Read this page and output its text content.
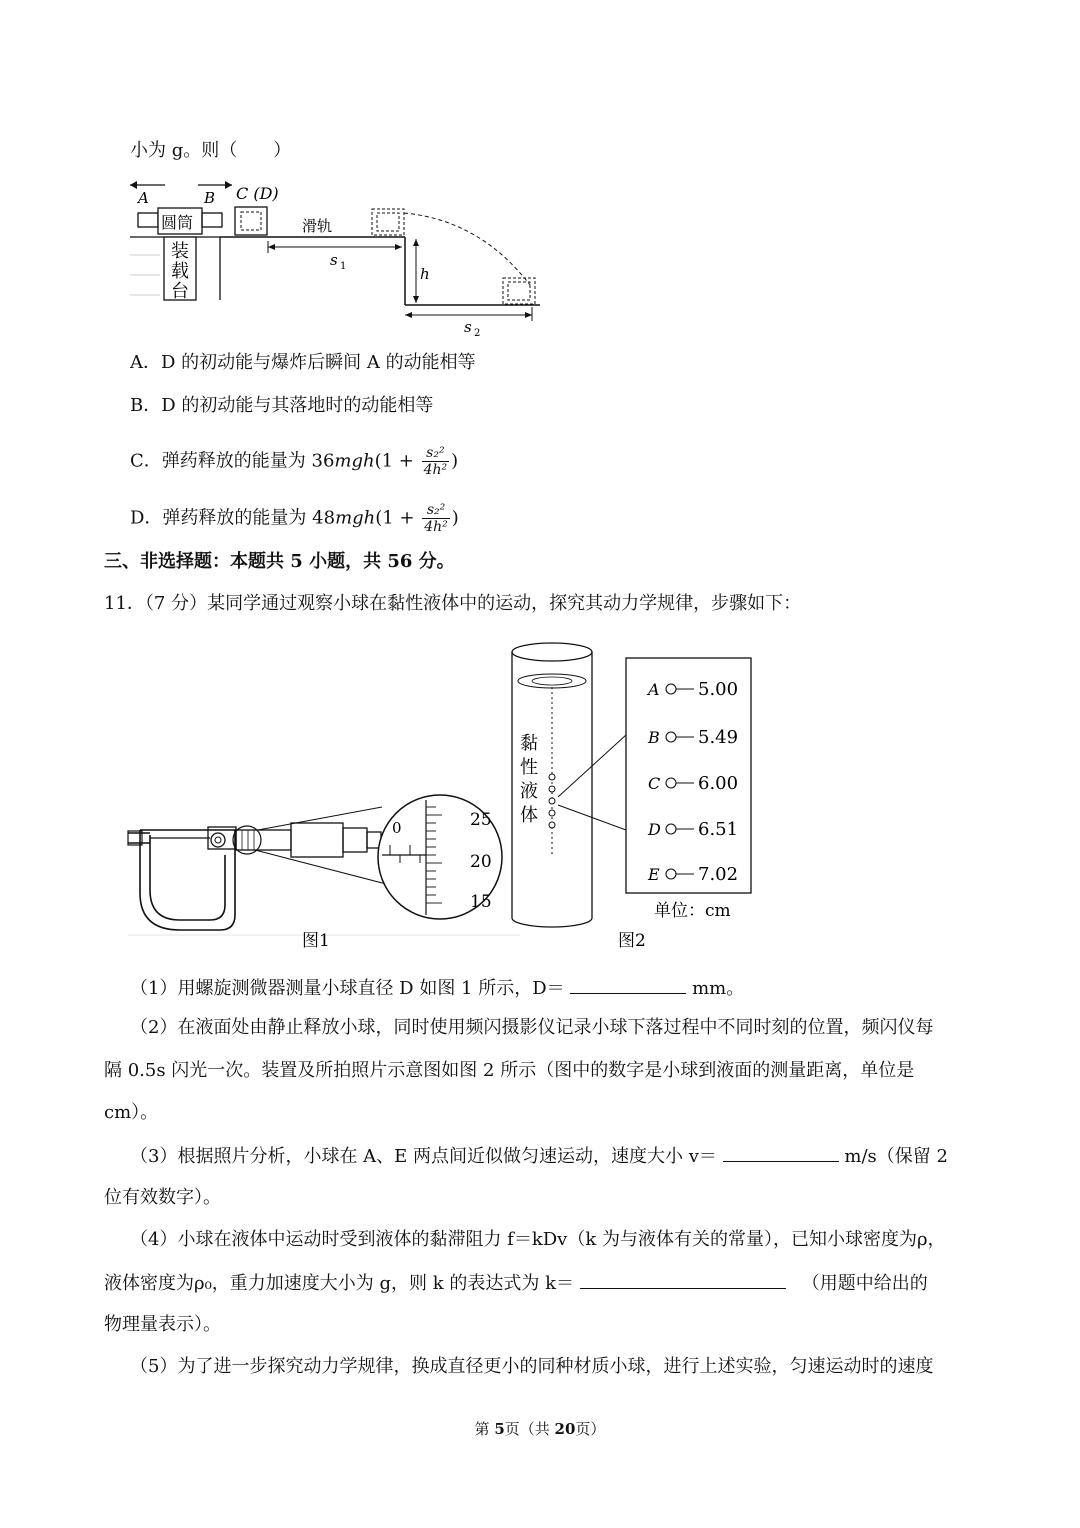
小为 g。则（　　）
A	B C (D)
圆筒
装
载
台
滑轨
s 1	h
s 2
A．D 的初动能与爆炸后瞬间 A 的动能相等
B．D 的初动能与其落地时的动能相等
C．弹药释放的能量为 $36mgh(1 + \frac{\text{s₂²}}{\text{4h²}}$ )
D．弹药释放的能量为 $48mgh(1 + \frac{\text{s₂²}}{\text{4h²}}$ )
三、非选择题：本题共 5 小题，共 56 分。
11．（7 分）某同学通过观察小球在黏性液体中的运动，探究其动力学规律，步骤如下：
0	25
20
15
图1
黏
性
液
体
图2
A 5.00
B 5.49
C 6.00
D 6.51
E 7.02
单位：cm
（1）用螺旋测微器测量小球直径 D 如图 1 所示，D＝	mm。
（2）在液面处由静止释放小球，同时使用频闪摄影仪记录小球下落过程中不同时刻的位置，频闪仪每
隔 0.5s 闪光一次。装置及所拍照片示意图如图 2 所示（图中的数字是小球到液面的测量距离，单位是
cm）。
（3）根据照片分析，小球在 A、E 两点间近似做匀速运动，速度大小 v＝	m/s（保留 2
位有效数字）。
（4）小球在液体中运动时受到液体的黏滞阻力 f＝kDv（k 为与液体有关的常量），已知小球密度为ρ，
液体密度为ρ₀，重力加速度大小为 g，则 k 的表达式为 k＝	（用题中给出的
物理量表示）。
（5）为了进一步探究动力学规律，换成直径更小的同种材质小球，进行上述实验，匀速运动时的速度
第 5页（共 20页）
